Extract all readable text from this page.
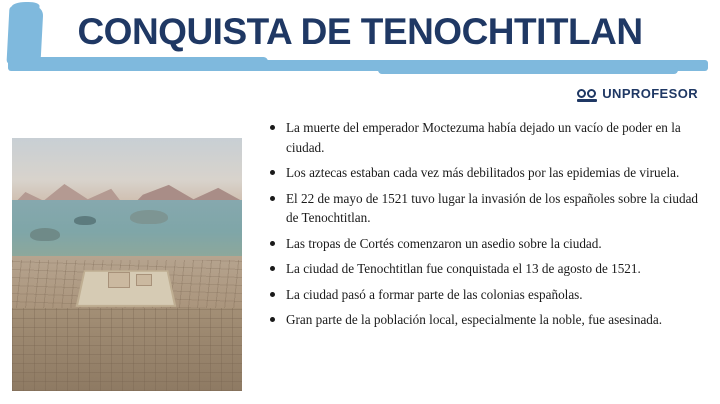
CONQUISTA DE TENOCHTITLAN
UNPROFESOR
La muerte del emperador Moctezuma había dejado un vacío de poder en la ciudad.
Los aztecas estaban cada vez más debilitados por las epidemias de viruela.
El 22 de mayo de 1521 tuvo lugar la invasión de los españoles sobre la ciudad de Tenochtitlan.
Las tropas de Cortés comenzaron un asedio sobre la ciudad.
La ciudad de Tenochtitlan fue conquistada el 13 de agosto de 1521.
La ciudad pasó a formar parte de las colonias españolas.
Gran parte de la población local, especialmente la noble, fue asesinada.
